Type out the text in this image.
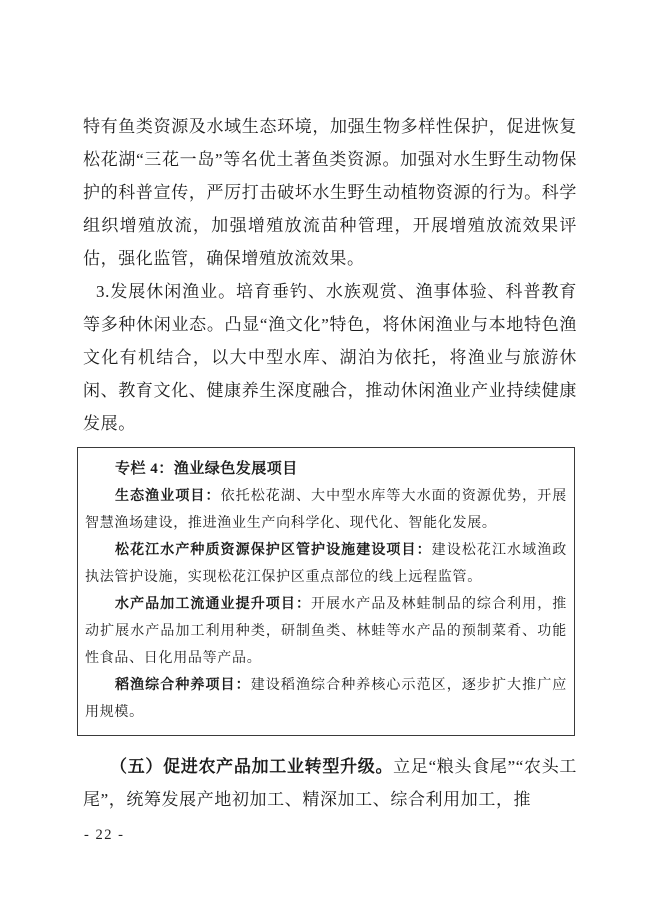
特有鱼类资源及水域生态环境，加强生物多样性保护，促进恢复松花湖“三花一岛”等名优土著鱼类资源。加强对水生野生动物保护的科普宣传，严厉打击破坏水生野生动植物资源的行为。科学组织增殖放流，加强增殖放流苗种管理，开展增殖放流效果评估，强化监管，确保增殖放流效果。

3.发展休闲渔业。培育垂钓、水族观赏、渔事体验、科普教育等多种休闲业态。凸显“渔文化”特色，将休闲渔业与本地特色渔文化有机结合，以大中型水库、湖泊为依托，将渔业与旅游休闲、教育文化、健康养生深度融合，推动休闲渔业产业持续健康发展。

专栏 4：渔业绿色发展项目

生态渔业项目：依托松花湖、大中型水库等大水面的资源优势，开展智慧渔场建设，推进渔业生产向科学化、现代化、智能化发展。

松花江水产种质资源保护区管护设施建设项目：建设松花江水域渔政执法管护设施，实现松花江保护区重点部位的线上远程监管。

水产品加工流通业提升项目：开展水产品及林蛙制品的综合利用，推动扩展水产品加工利用种类，研制鱼类、林蛙等水产品的预制菜肴、功能性食品、日化用品等产品。

稻渔综合种养项目：建设稻渔综合种养核心示范区，逐步扩大推广应用规模。

（五）促进农产品加工业转型升级。立足“粮头食尾”“农头工尾”，统筹发展产地初加工、精深加工、综合利用加工，推

- 22 -
